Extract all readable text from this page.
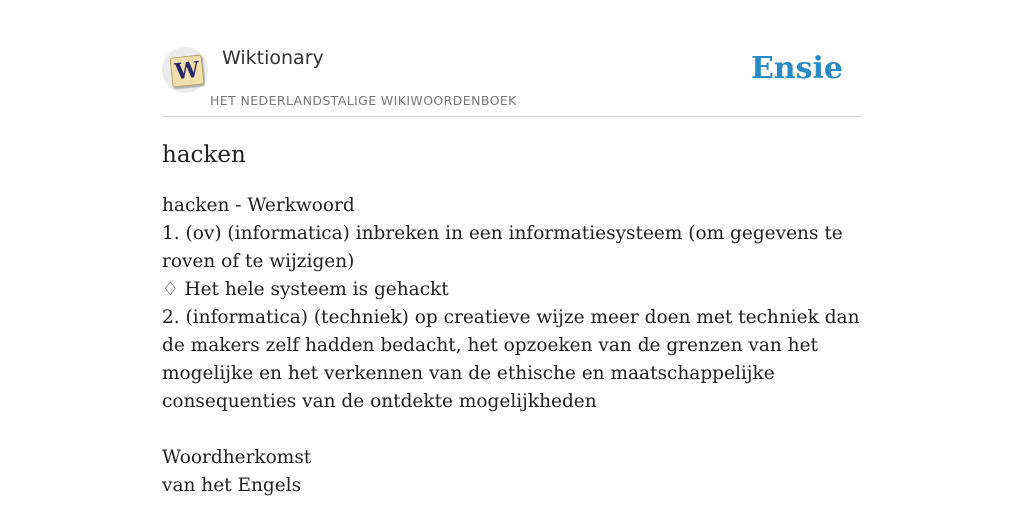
W Wiktionary
HET NEDERLANDSTALIGE WIKIWOORDENBOEK
Ensie
hacken

hacken - Werkwoord

1. (ov) (informatica) inbreken in een informatiesysteem (om gegevens te roven of te wijzigen)

♢ Het hele systeem is gehackt

2. (informatica) (techniek) op creatieve wijze meer doen met techniek dan de makers zelf hadden bedacht, het opzoeken van de grenzen van het mogelijke en het verkennen van de ethische en maatschappelijke consequenties van de ontdekte mogelijkheden

Woordherkomst

van het Engels
